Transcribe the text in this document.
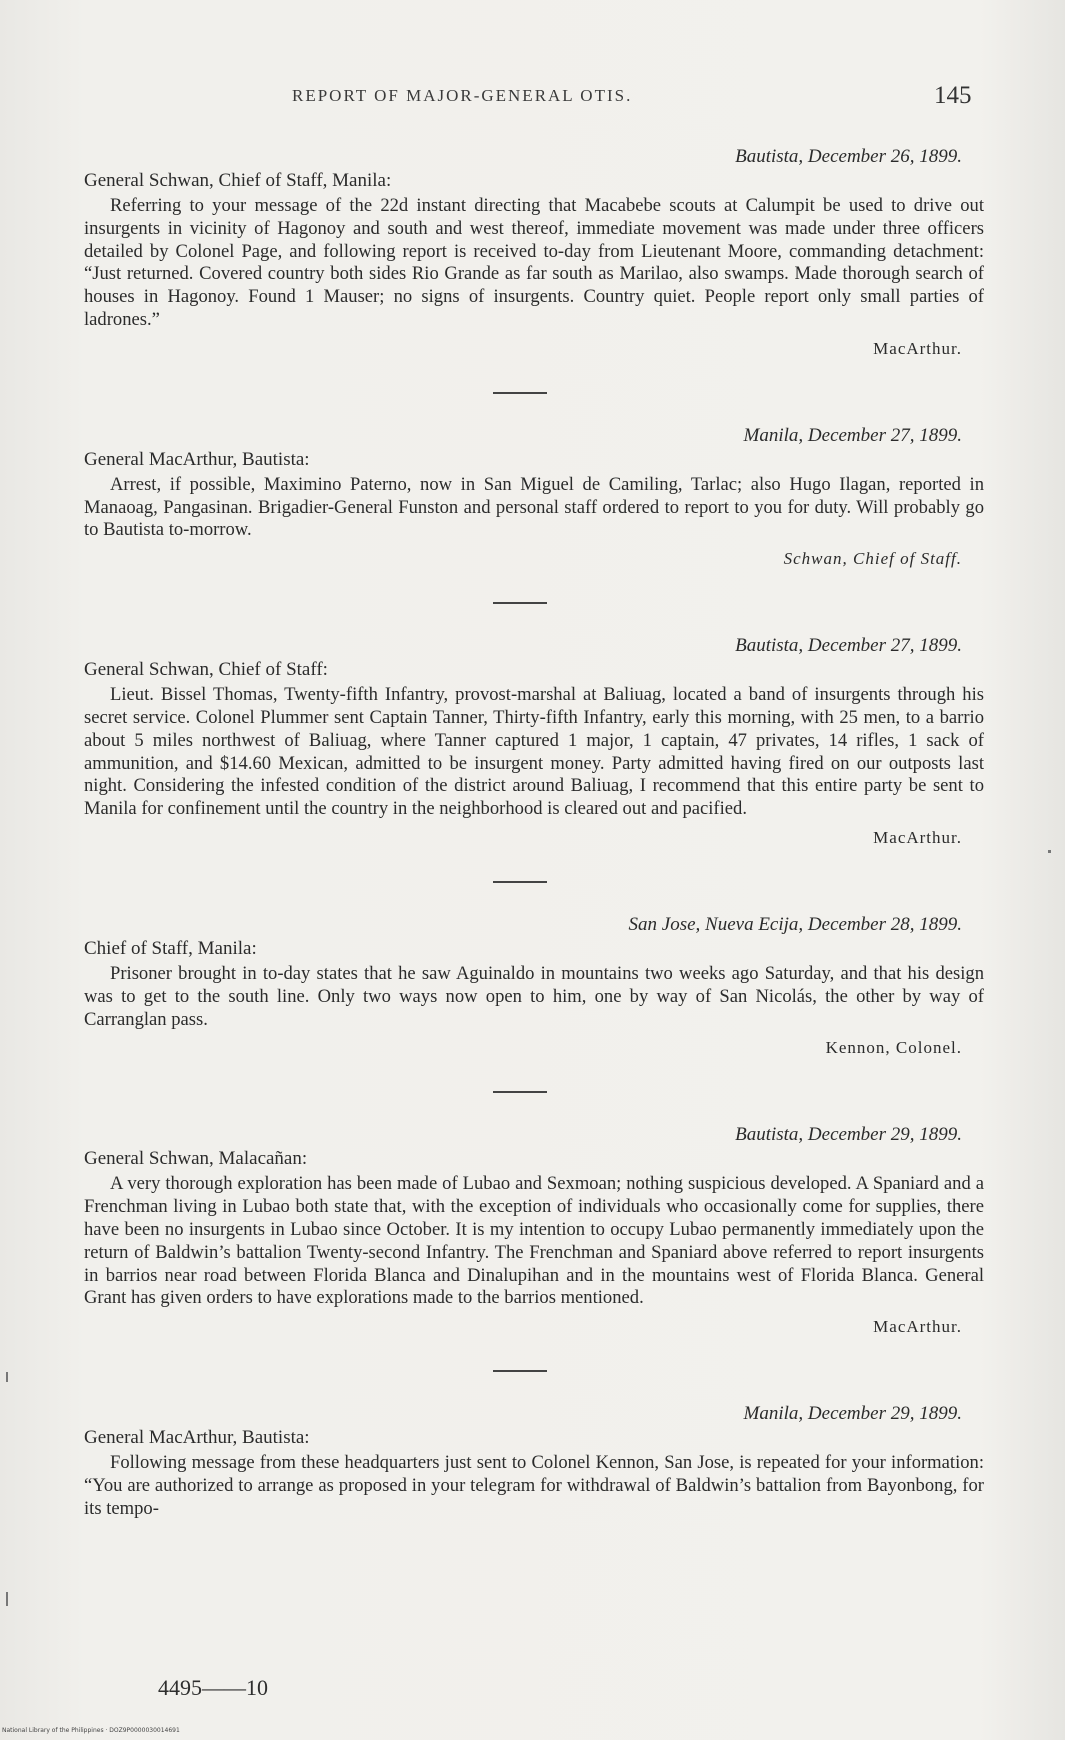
REPORT OF MAJOR-GENERAL OTIS.	145

Bautista, December 26, 1899.

General Schwan, Chief of Staff, Manila:

Referring to your message of the 22d instant directing that Macabebe scouts at Calumpit be used to drive out insurgents in vicinity of Hagonoy and south and west thereof, immediate movement was made under three officers detailed by Colonel Page, and following report is received to-day from Lieutenant Moore, commanding detachment: “Just returned. Covered country both sides Rio Grande as far south as Marilao, also swamps. Made thorough search of houses in Hagonoy. Found 1 Mauser; no signs of insurgents. Country quiet. People report only small parties of ladrones.”

MacArthur.

Manila, December 27, 1899.

General MacArthur, Bautista:

Arrest, if possible, Maximino Paterno, now in San Miguel de Camiling, Tarlac; also Hugo Ilagan, reported in Manaoag, Pangasinan. Brigadier-General Funston and personal staff ordered to report to you for duty. Will probably go to Bautista to-morrow.

Schwan, Chief of Staff.

Bautista, December 27, 1899.

General Schwan, Chief of Staff:

Lieut. Bissel Thomas, Twenty-fifth Infantry, provost-marshal at Baliuag, located a band of insurgents through his secret service. Colonel Plummer sent Captain Tanner, Thirty-fifth Infantry, early this morning, with 25 men, to a barrio about 5 miles northwest of Baliuag, where Tanner captured 1 major, 1 captain, 47 privates, 14 rifles, 1 sack of ammunition, and $14.60 Mexican, admitted to be insurgent money. Party admitted having fired on our outposts last night. Considering the infested condition of the district around Baliuag, I recommend that this entire party be sent to Manila for confinement until the country in the neighborhood is cleared out and pacified.

MacArthur.

San Jose, Nueva Ecija, December 28, 1899.

Chief of Staff, Manila:

Prisoner brought in to-day states that he saw Aguinaldo in mountains two weeks ago Saturday, and that his design was to get to the south line. Only two ways now open to him, one by way of San Nicolás, the other by way of Carranglan pass.

Kennon, Colonel.

Bautista, December 29, 1899.

General Schwan, Malacañan:

A very thorough exploration has been made of Lubao and Sexmoan; nothing suspicious developed. A Spaniard and a Frenchman living in Lubao both state that, with the exception of individuals who occasionally come for supplies, there have been no insurgents in Lubao since October. It is my intention to occupy Lubao permanently immediately upon the return of Baldwin’s battalion Twenty-second Infantry. The Frenchman and Spaniard above referred to report insurgents in barrios near road between Florida Blanca and Dinalupihan and in the mountains west of Florida Blanca. General Grant has given orders to have explorations made to the barrios mentioned.

MacArthur.

Manila, December 29, 1899.

General MacArthur, Bautista:

Following message from these headquarters just sent to Colonel Kennon, San Jose, is repeated for your information: “You are authorized to arrange as proposed in your telegram for withdrawal of Baldwin’s battalion from Bayonbong, for its tempo-

4495——10
National Library of the Philippines · DOZ9P0000030014691
